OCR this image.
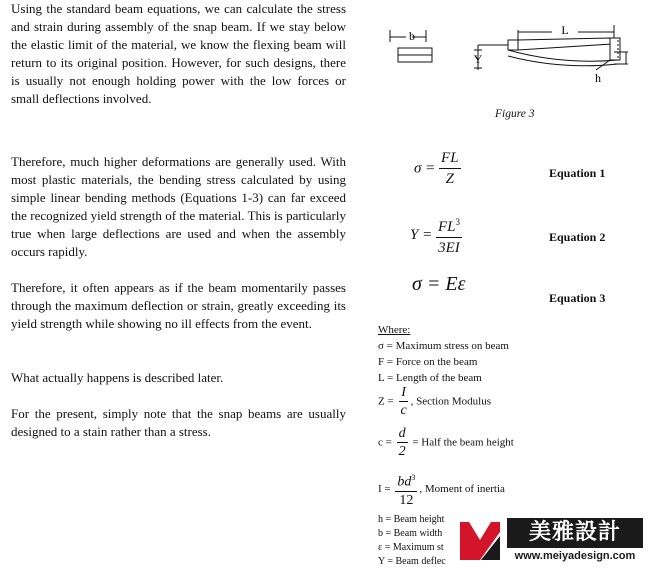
Using the standard beam equations, we can calculate the stress and strain during assembly of the snap beam. If we stay below the elastic limit of the material, we know the flexing beam will return to its original position. However, for such designs, there is usually not enough holding power with the low forces or small deflections involved.

Therefore, much higher deformations are generally used. With most plastic materials, the bending stress calculated by using simple linear bending methods (Equations 1-3) can far exceed the recognized yield strength of the material. This is particularly true when large deflections are used and when the assembly occurs rapidly.

Therefore, it often appears as if the beam momentarily passes through the maximum deflection or strain, greatly exceeding its yield strength while showing no ill effects from the event.

What actually happens is described later.

For the present, simply note that the snap beams are usually designed to a stain rather than a stress.

b	L
Y
h
Figure 3
$\sigma = \frac{FL}{Z}$	Equation 1
$Y = \frac{FL^3}{3EI}$	Equation 2
σ = Eε
Equation 3
Where:
σ = Maximum stress on beam
F = Force on the beam
L = Length of the beam
$Z = \frac{I}{c}$ , Section Modulus
$c = \frac{d}{2}$ = Half the beam height
$I = \frac{bd^3}{12}$ , Moment of inertia
h = Beam height
b = Beam width
ε = Maximum st
Y = Beam deflec
美雅設計
www.meiyadesign.com
